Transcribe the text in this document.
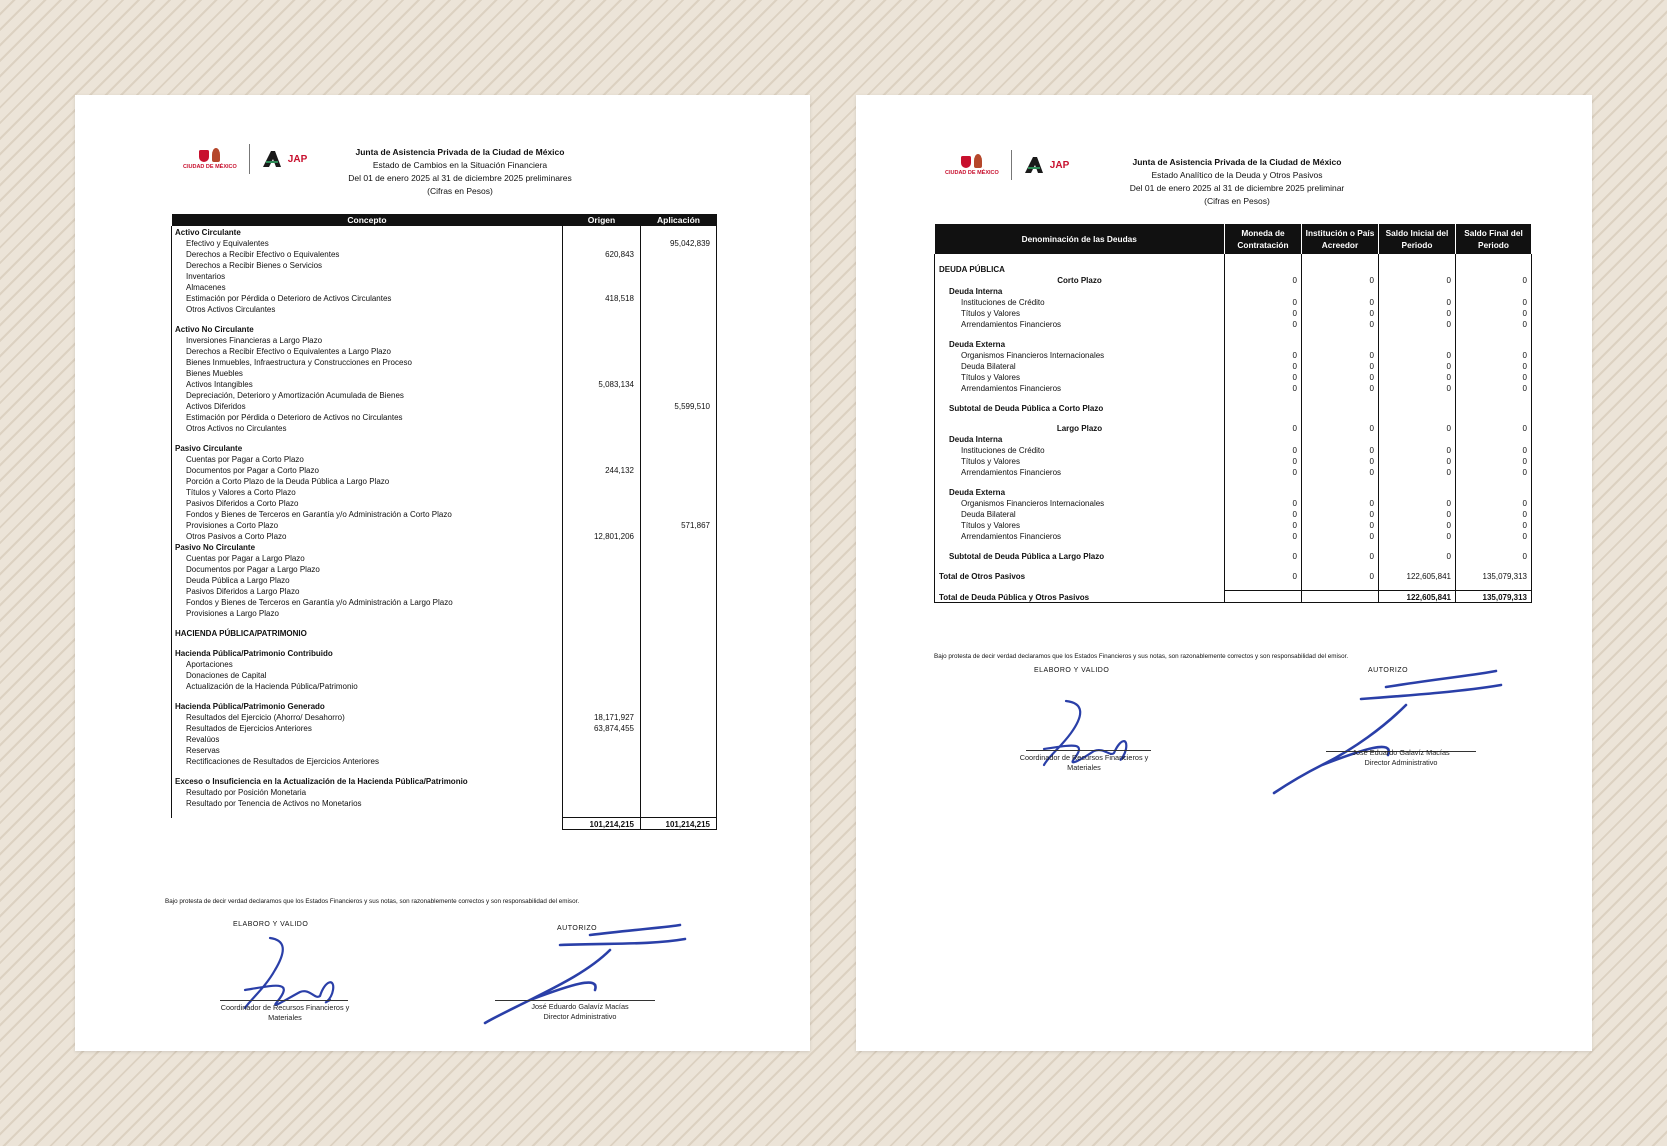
CIUDAD DE MÉXICO
JAP
Junta de Asistencia Privada de la Ciudad de México
Estado de Cambios en la Situación Financiera
Del 01 de enero 2025 al 31 de diciembre 2025 preliminares
(Cifras en Pesos)
Concepto	Origen	Aplicación
Activo Circulante		
Efectivo y Equivalentes		95,042,839
Derechos a Recibir Efectivo o Equivalentes	620,843	
Derechos a Recibir Bienes o Servicios		
Inventarios		
Almacenes		
Estimación por Pérdida o Deterioro de Activos Circulantes	418,518	
Otros Activos Circulantes		

Activo No Circulante		
Inversiones Financieras a Largo Plazo		
Derechos a Recibir Efectivo o Equivalentes a Largo Plazo		
Bienes Inmuebles, Infraestructura y Construcciones en Proceso		
Bienes Muebles		
Activos Intangibles	5,083,134	
Depreciación, Deterioro y Amortización Acumulada de Bienes		
Activos Diferidos		5,599,510
Estimación por Pérdida o Deterioro de Activos no Circulantes		
Otros Activos no Circulantes		

Pasivo Circulante		
Cuentas por Pagar a Corto Plazo		
Documentos por Pagar a Corto Plazo	244,132	
Porción a Corto Plazo de la Deuda Pública a Largo Plazo		
Títulos y Valores a Corto Plazo		
Pasivos Diferidos a Corto Plazo		
Fondos y Bienes de Terceros en Garantía y/o Administración a Corto Plazo		
Provisiones a Corto Plazo		571,867
Otros Pasivos a Corto Plazo	12,801,206	
Pasivo No Circulante		
Cuentas por Pagar a Largo Plazo		
Documentos por Pagar a Largo Plazo		
Deuda Pública a Largo Plazo		
Pasivos Diferidos a Largo Plazo		
Fondos y Bienes de Terceros en Garantía y/o Administración a Largo Plazo		
Provisiones a Largo Plazo		

HACIENDA PÚBLICA/PATRIMONIO		

Hacienda Pública/Patrimonio Contribuido		
Aportaciones		
Donaciones de Capital		
Actualización de la Hacienda Pública/Patrimonio		

Hacienda Pública/Patrimonio Generado		
Resultados del Ejercicio (Ahorro/ Desahorro)	18,171,927	
Resultados de Ejercicios Anteriores	63,874,455	
Revalúos		
Reservas		
Rectificaciones de Resultados de Ejercicios Anteriores		

Exceso o Insuficiencia en la Actualización de la Hacienda Pública/Patrimonio		
Resultado por Posición Monetaria		
Resultado por Tenencia de Activos no Monetarios		

	101,214,215	101,214,215
Bajo protesta de decir verdad declaramos que los Estados Financieros y sus notas, son razonablemente correctos y son responsabilidad del emisor.
ELABORO Y VALIDO
Coordinador de Recursos Financieros y
Materiales
AUTORIZO
José Eduardo Galavíz Macías
Director Administrativo
CIUDAD DE MÉXICO
JAP	Junta de Asistencia Privada de la Ciudad de México
Estado Analítico de la Deuda y Otros Pasivos
Del 01 de enero 2025 al 31 de diciembre 2025 preliminar
(Cifras en Pesos)
Denominación de las Deudas	Moneda de Contratación	Institución o País Acreedor	Saldo Inicial del Periodo	Saldo Final del Periodo

DEUDA PÚBLICA				
Corto Plazo	0	0	0	0
Deuda Interna				
Instituciones de Crédito	0	0	0	0
Títulos y Valores	0	0	0	0
Arrendamientos Financieros	0	0	0	0

Deuda Externa				
Organismos Financieros Internacionales	0	0	0	0
Deuda Bilateral	0	0	0	0
Títulos y Valores	0	0	0	0
Arrendamientos Financieros	0	0	0	0

Subtotal de Deuda Pública a Corto Plazo				

Largo Plazo	0	0	0	0
Deuda Interna				
Instituciones de Crédito	0	0	0	0
Títulos y Valores	0	0	0	0
Arrendamientos Financieros	0	0	0	0

Deuda Externa				
Organismos Financieros Internacionales	0	0	0	0
Deuda Bilateral	0	0	0	0
Títulos y Valores	0	0	0	0
Arrendamientos Financieros	0	0	0	0

Subtotal de Deuda Pública a Largo Plazo	0	0	0	0

Total de Otros Pasivos	0	0	122,605,841	135,079,313

Total de Deuda Pública y Otros Pasivos			122,605,841	135,079,313
Bajo protesta de decir verdad declaramos que los Estados Financieros y sus notas, son razonablemente correctos y son responsabilidad del emisor.
ELABORO Y VALIDO
Coordinador de Recursos Financieros y
Materiales
AUTORIZO
José Eduardo Galavíz Macías
Director Administrativo
